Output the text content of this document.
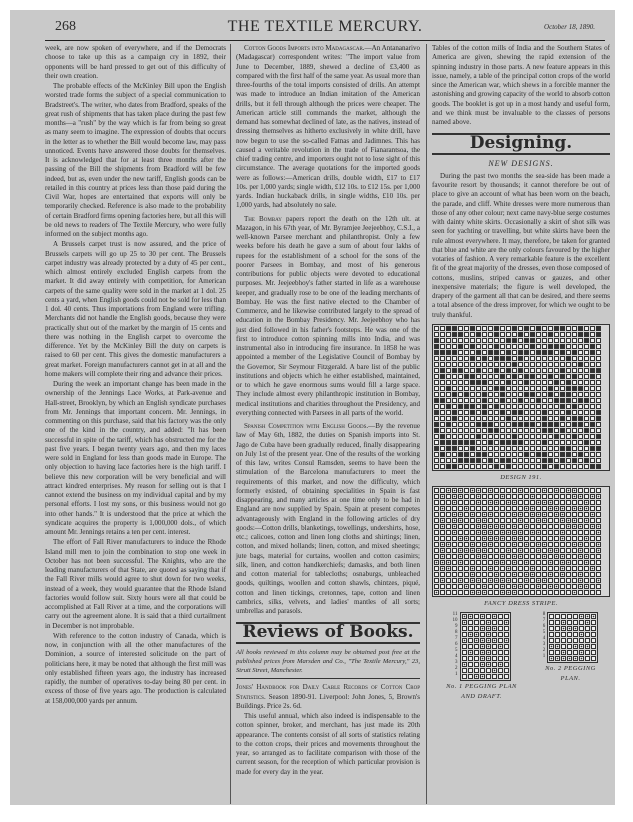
268	THE TEXTILE MERCURY.	October 18, 1890.

week, are now spoken of everywhere, and if the Democrats choose to take up this as a campaign cry in 1892, their opponents will be hard pressed to get out of this difficulty of their own creation.

The probable effects of the McKinley Bill upon the English worsted trade forms the subject of a special communication to Bradstreet's. The writer, who dates from Bradford, speaks of the great rush of shipments that has taken place during the past few months—a "rush" by the way which is far from being so great as many seem to imagine. The expression of doubts that occurs in the letter as to whether the Bill would become law, may pass unnoticed. Events have answered those doubts for themselves. It is acknowledged that for at least three months after the passing of the Bill the shipments from Bradford will be few indeed, but as, even under the new tariff, English goods can be retailed in this country at prices less than those paid during the Civil War, hopes are entertained that exports will only be temporarily checked. Reference is also made to the probability of certain Bradford firms opening factories here, but all this will be old news to readers of The Textile Mercury, who were fully informed on the subject months ago.

A Brussels carpet trust is now assured, and the price of Brussels carpets will go up 25 to 30 per cent. The Brussels carpet industry was already protected by a duty of 45 per cent., which almost entirely excluded English carpets from the market. It did away entirely with competition, for American carpets of the same quality were sold in the market at 1 dol. 25 cents a yard, when English goods could not be sold for less than 1 dol. 40 cents. Thus importations from England were trifling. Merchants did not handle the English goods, because they were practically shut out of the market by the margin of 15 cents and there was nothing in the English carpet to overcome the difference. Yet by the McKinley Bill the duty on carpets is raised to 60 per cent. This gives the domestic manufacturers a great market. Foreign manufacturers cannot get in at all and the home makers will complete their ring and advance their prices.

During the week an important change has been made in the ownership of the Jennings Lace Works, at Park-avenue and Hall-street, Brooklyn, by which an English syndicate purchases from Mr. Jennings that important concern. Mr. Jennings, in commenting on this purchase, said that his factory was the only one of the kind in the country, and added: "It has been successful in spite of the tariff, which has obstructed me for the past five years. I began twenty years ago, and then my laces were sold in England for less than goods made in Europe. The only objection to having lace factories here is the high tariff. I believe this new corporation will be very beneficial and will attract kindred enterprises. My reason for selling out is that I cannot extend the business on my individual capital and by my personal efforts. I lost my sons, or this business would not go into other hands." It is understood that the price at which the syndicate acquires the property is 1,000,000 dols., of which amount Mr. Jennings retains a ten per cent. interest.

The effort of Fall River manufacturers to induce the Rhode Island mill men to join the combination to stop one week in October has not been successful. The Knights, who are the leading manufacturers of that State, are quoted as saying that if the Fall River mills would agree to shut down for two weeks, instead of a week, they would guarantee that the Rhode Island factories would follow suit. Sixty hours were all that could be accomplished at Fall River at a time, and the corporations will carry out the agreement alone. It is said that a third curtailment in December is not improbable.

With reference to the cotton industry of Canada, which is now, in conjunction with all the other manufactures of the Dominion, a source of interested solicitude on the part of politicians here, it may be noted that although the first mill was only established fifteen years ago, the industry has increased rapidly, the number of operatives to-day being 80 per cent. in excess of those of five years ago. The production is calculated at 158,000,000 yards per annum.

Cotton Goods Imports into Madagascar.—An Antananarivo (Madagascar) correspondent writes: "The import value from June to December, 1889, shewed a decline of £3,400 as compared with the first half of the same year. As usual more than three-fourths of the total imports consisted of drills. An attempt was made to introduce an Indian imitation of the American drills, but it fell through although the prices were cheaper. The American article still commands the market, although the demand has somewhat declined of late, as the natives, instead of dressing themselves as hitherto exclusively in white drill, have now begun to use the so-called Fatnas and Jadimnes. This has caused a veritable revolution in the trade of Fianarantsoa, the chief trading centre, and importers ought not to lose sight of this circumstance. The average quotations for the imported goods were as follows:—American drills, double width, £17 to £17 10s. per 1,000 yards; single width, £12 10s. to £12 15s. per 1,000 yards. Indian huckaback drills, in single widths, £10 10s. per 1,000 yards, had absolutely no sale.

The Bombay papers report the death on the 12th ult. at Mazagon, in his 67th year, of Mr. Byramjee Jeejeebhoy, C.S.I., a well-known Parsee merchant and philanthropist. Only a few weeks before his death he gave a sum of about four lakhs of rupees for the establishment of a school for the sons of the poorer Parsees in Bombay, and most of his generous contributions for public objects were devoted to educational purposes. Mr. Jeejeebhoy's father started in life as a warehouse keeper, and gradually rose to be one of the leading merchants of Bombay. He was the first native elected to the Chamber of Commerce, and he likewise contributed largely to the spread of education in the Bombay Presidency. Mr. Jeejeebhoy who has just died followed in his father's footsteps. He was one of the first to introduce cotton spinning mills into India, and was instrumental also in introducing fire insurance. In 1858 he was appointed a member of the Legislative Council of Bombay by the Governor, Sir Seymour Fitzgerald. A bare list of the public institutions and objects which he either established, maintained, or to which he gave enormous sums would fill a large space. They include almost every philanthropic institution in Bombay, medical institutions and charities throughout the Presidency, and everything connected with Parsees in all parts of the world.

Spanish Competition with English Goods.—By the revenue law of May 6th, 1882, the duties on Spanish imports into St. Jago de Cuba have been gradually reduced, finally disappearing on July 1st of the present year. One of the results of the working of this law, writes Consul Ramsden, seems to have been the stimulation of the Barcelona manufacturers to meet the requirements of this market, and now the difficulty, which formerly existed, of obtaining specialities in Spain is fast disappearing, and many articles at one time only to be had in England are now supplied by Spain. Spain at present competes advantageously with England in the following articles of dry goods:—Cotton drills, blanketings, towellings, undershirts, hose, etc.; calicoes, cotton and linen long cloths and shirtings; linen, cotton, and mixed hollands; linen, cotton, and mixed sheetings; jute bags, material for curtains, woollen and cotton casimirs; silk, linen, and cotton handkerchiefs; damasks, and both linen and cotton material for tablecloths; osnaburgs, unbleached goods, quiltings, woollen and cotton shawls, chintzes, piqué, cotton and linen tickings, cretonnes, tape, cotton and linen cambrics, silks, velvets, and ladies' mantles of all sorts; umbrellas and parasols.

Reviews of Books.
All books reviewed in this column may be obtained post free at the published prices from Marsden and Co., "The Textile Mercury," 23, Strutt Street, Manchester.

Jones' Handbook for Daily Cable Records of Cotton Crop Statistics. Season 1890-91. Liverpool: John Jones, 5, Brown's Buildings. Price 2s. 6d.

This useful annual, which also indeed is indispensable to the cotton spinner, broker, and merchant, has just made its 20th appearance. The contents consist of all sorts of statistics relating to the cotton crops, their prices and movements throughout the year, so arranged as to facilitate comparison with those of the current season, for the reception of which particular provision is made for every day in the year.

Tables of the cotton mills of India and the Southern States of America are given, shewing the rapid extension of the spinning industry in those parts. A new feature appears in this issue, namely, a table of the principal cotton crops of the world since the American war, which shews in a forcible manner the astonishing and growing capacity of the world to absorb cotton goods. The booklet is got up in a most handy and useful form, and we think must be invaluable to the classes of persons named above.

Designing.
NEW DESIGNS.

During the past two months the sea-side has been made a favourite resort by thousands; it cannot therefore be out of place to give an account of what has been worn on the beach, the parade, and cliff. White dresses were more numerous than those of any other colour; next came navy-blue serge costumes with dainty white skirts. Occasionally a skirt of shot silk was seen for yachting or travelling, but white skirts have been the rule almost everywhere. It may, therefore, be taken for granted that blue and white are the only colours favoured by the higher votaries of fashion. A very remarkable feature is the excellent fit of the great majority of the dresses, even those composed of cottons, muslins, striped canvas or gauzes, and other inexpensive materials; the figure is well developed, the drapery of the garment all that can be desired, and there seems a total absence of the dress improver, for which we ought to be truly thankful.

DESIGN 191.
FANCY DRESS STRIPE.
11
10
9
8
7
6
5
4
3
2
1
No. 1 PEGGING PLAN AND DRAFT.
8
7
6
5
4
3
2
1
No. 2 PEGGING PLAN.
